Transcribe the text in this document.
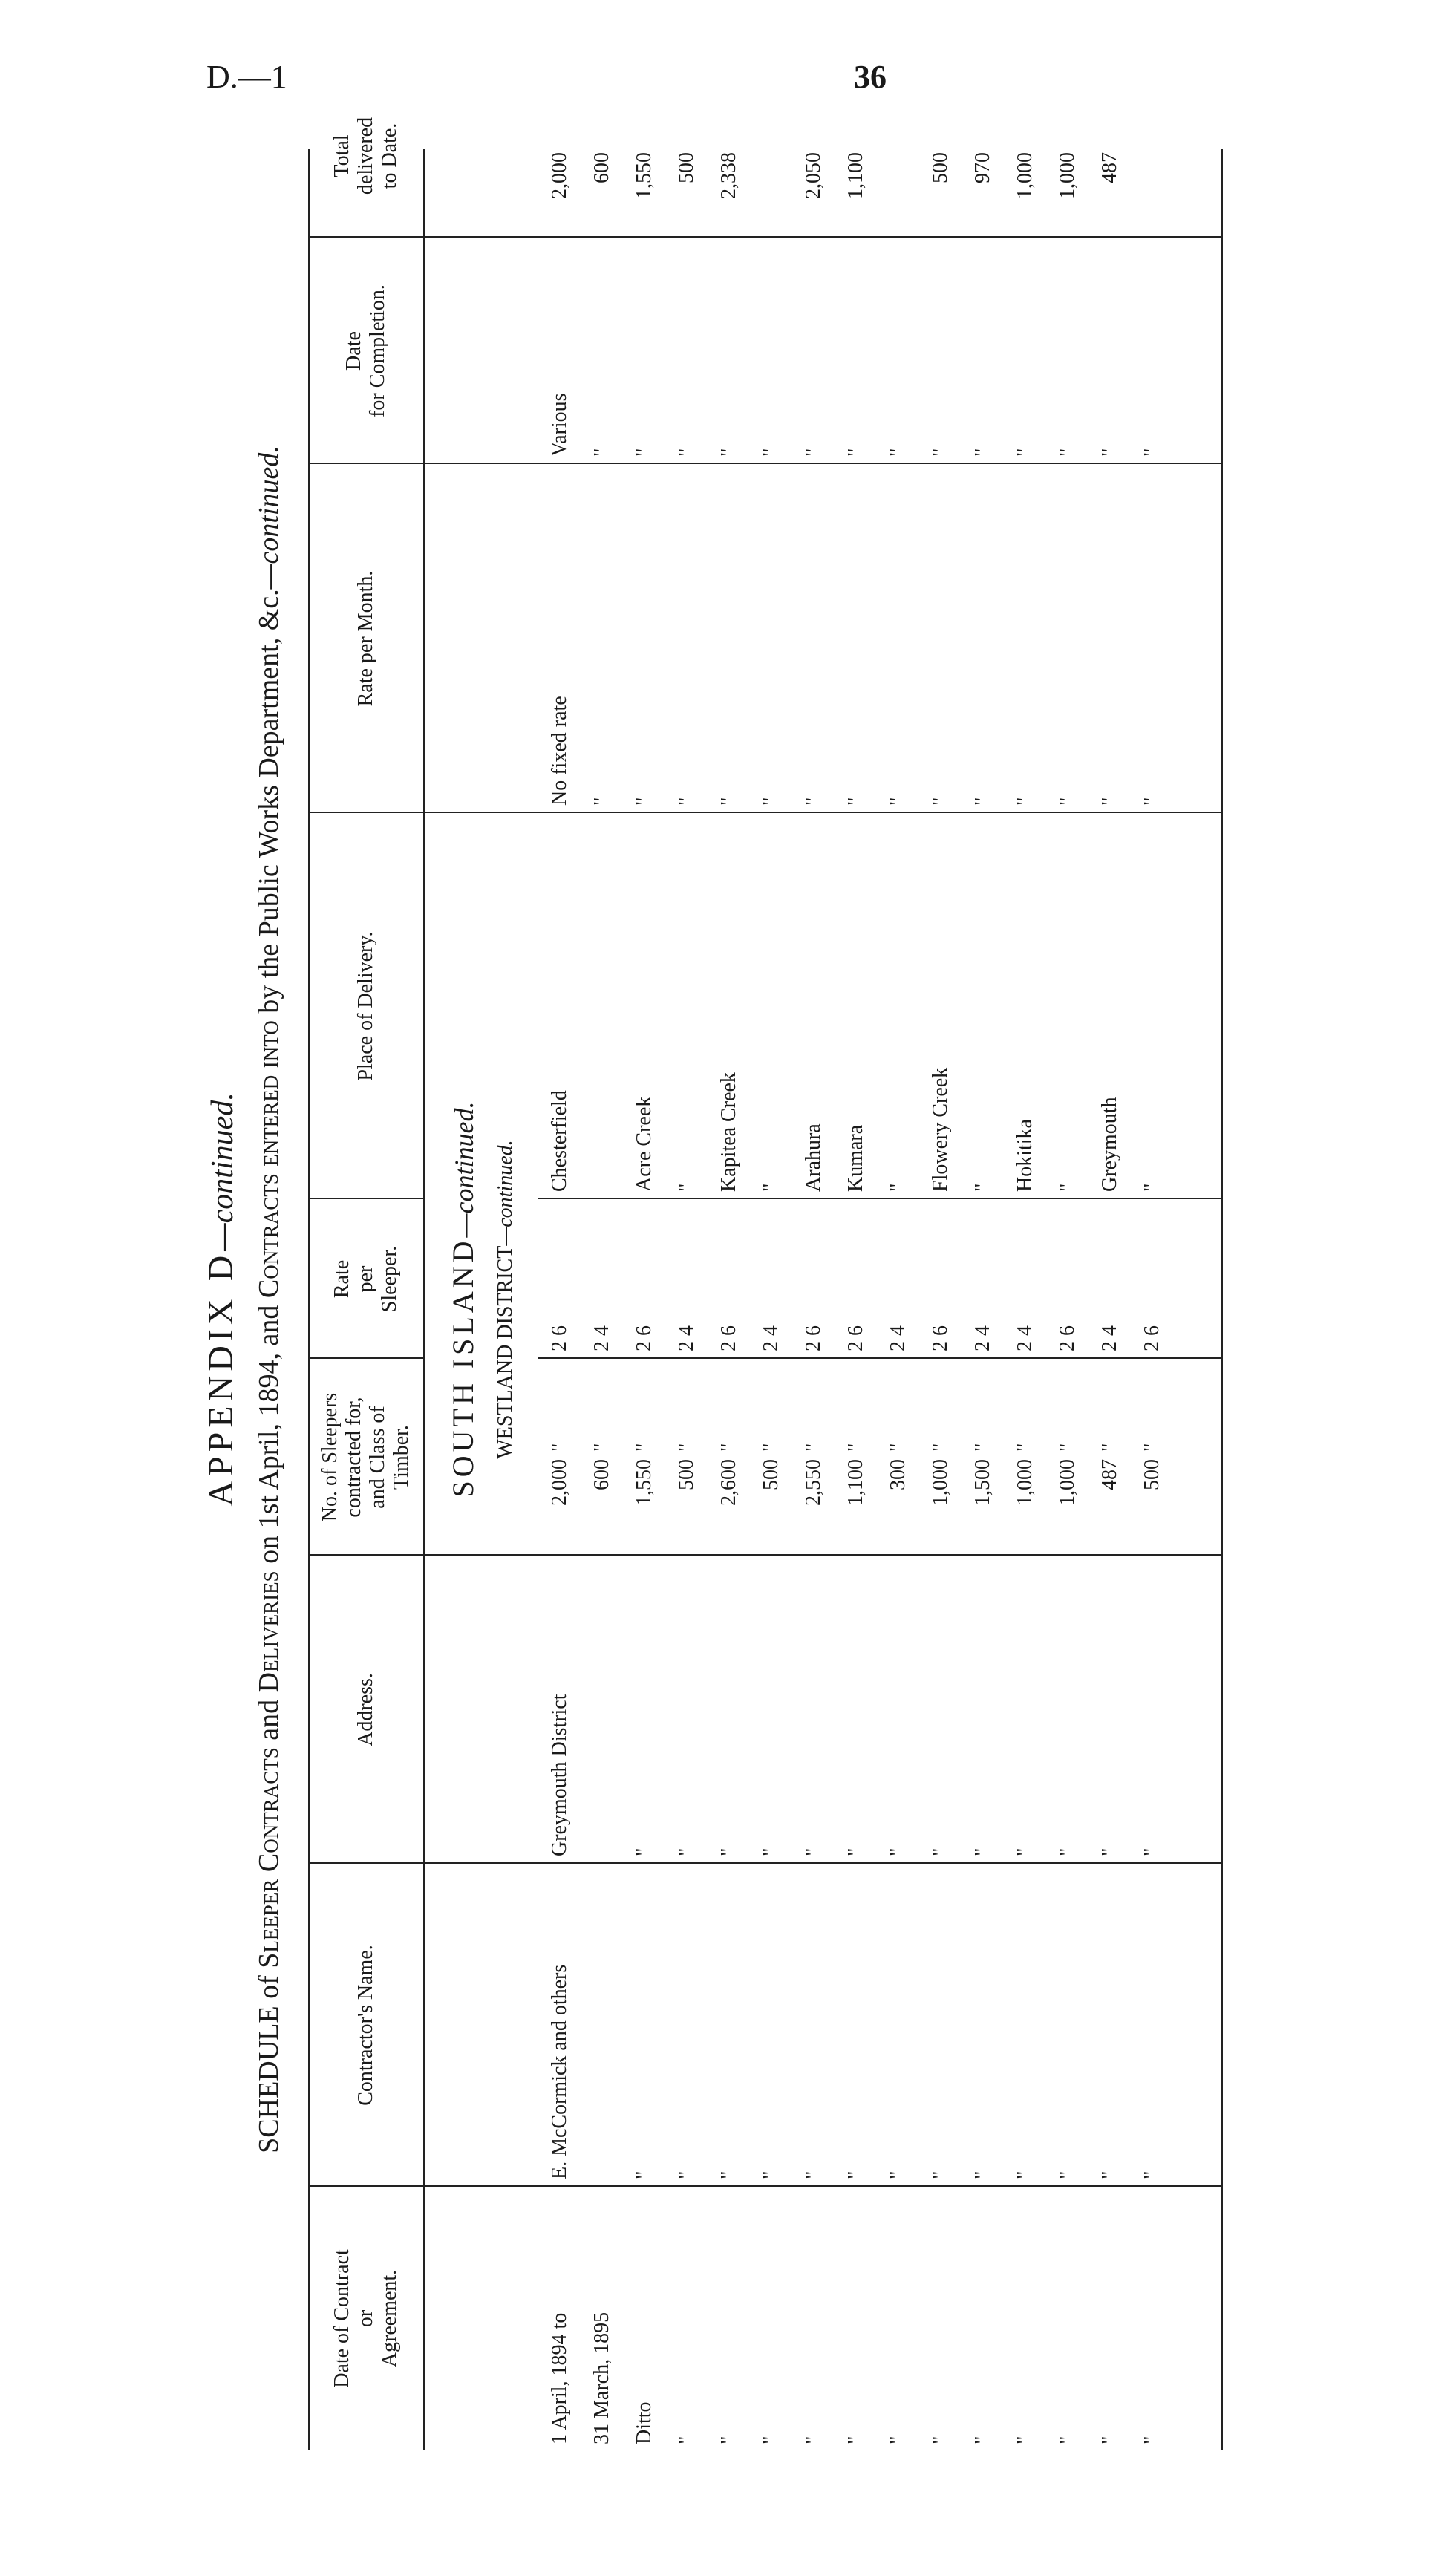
D.—1	36
APPENDIX D—continued.
SCHEDULE of Sleeper Contracts and Deliveries on 1st April, 1894, and Contracts entered into by the Public Works Department, &c.—continued.
Date of Contract or Agreement.
Contractor's Name.
Address.
No. of Sleepers contracted for, and Class of Timber.
Rate per Sleeper.
Place of Delivery.
Rate per Month.
Date for Completion.
Total delivered to Date.
SOUTH ISLAND—continued.
WESTLAND DISTRICT—continued.
1 April, 1894 to
E. McCormick and others
Greymouth District
2,000
"
2 6
Chesterfield
No fixed rate
Various
2,000
31 March, 1895
600
"
2 4
"
"
600
Ditto
"
"
1,550
"
2 6
Acre Creek
"
"
1,550
"
"
"
500
"
2 4
"
"
"
500
"
"
"
2,600
"
2 6
Kapitea Creek
"
"
2,338
"
"
"
500
"
2 4
"
"
"
"
"
"
2,550
"
2 6
Arahura
"
"
2,050
"
"
"
1,100
"
2 6
Kumara
"
"
1,100
"
"
"
300
"
2 4
"
"
"
"
"
"
1,000
"
2 6
Flowery Creek
"
"
500
"
"
"
1,500
"
2 4
"
"
"
970
"
"
"
1,000
"
2 4
Hokitika
"
"
1,000
"
"
"
1,000
"
2 6
"
"
"
1,000
"
"
"
487
"
2 4
Greymouth
"
"
487
"
"
"
500
"
2 6
"
"
"
